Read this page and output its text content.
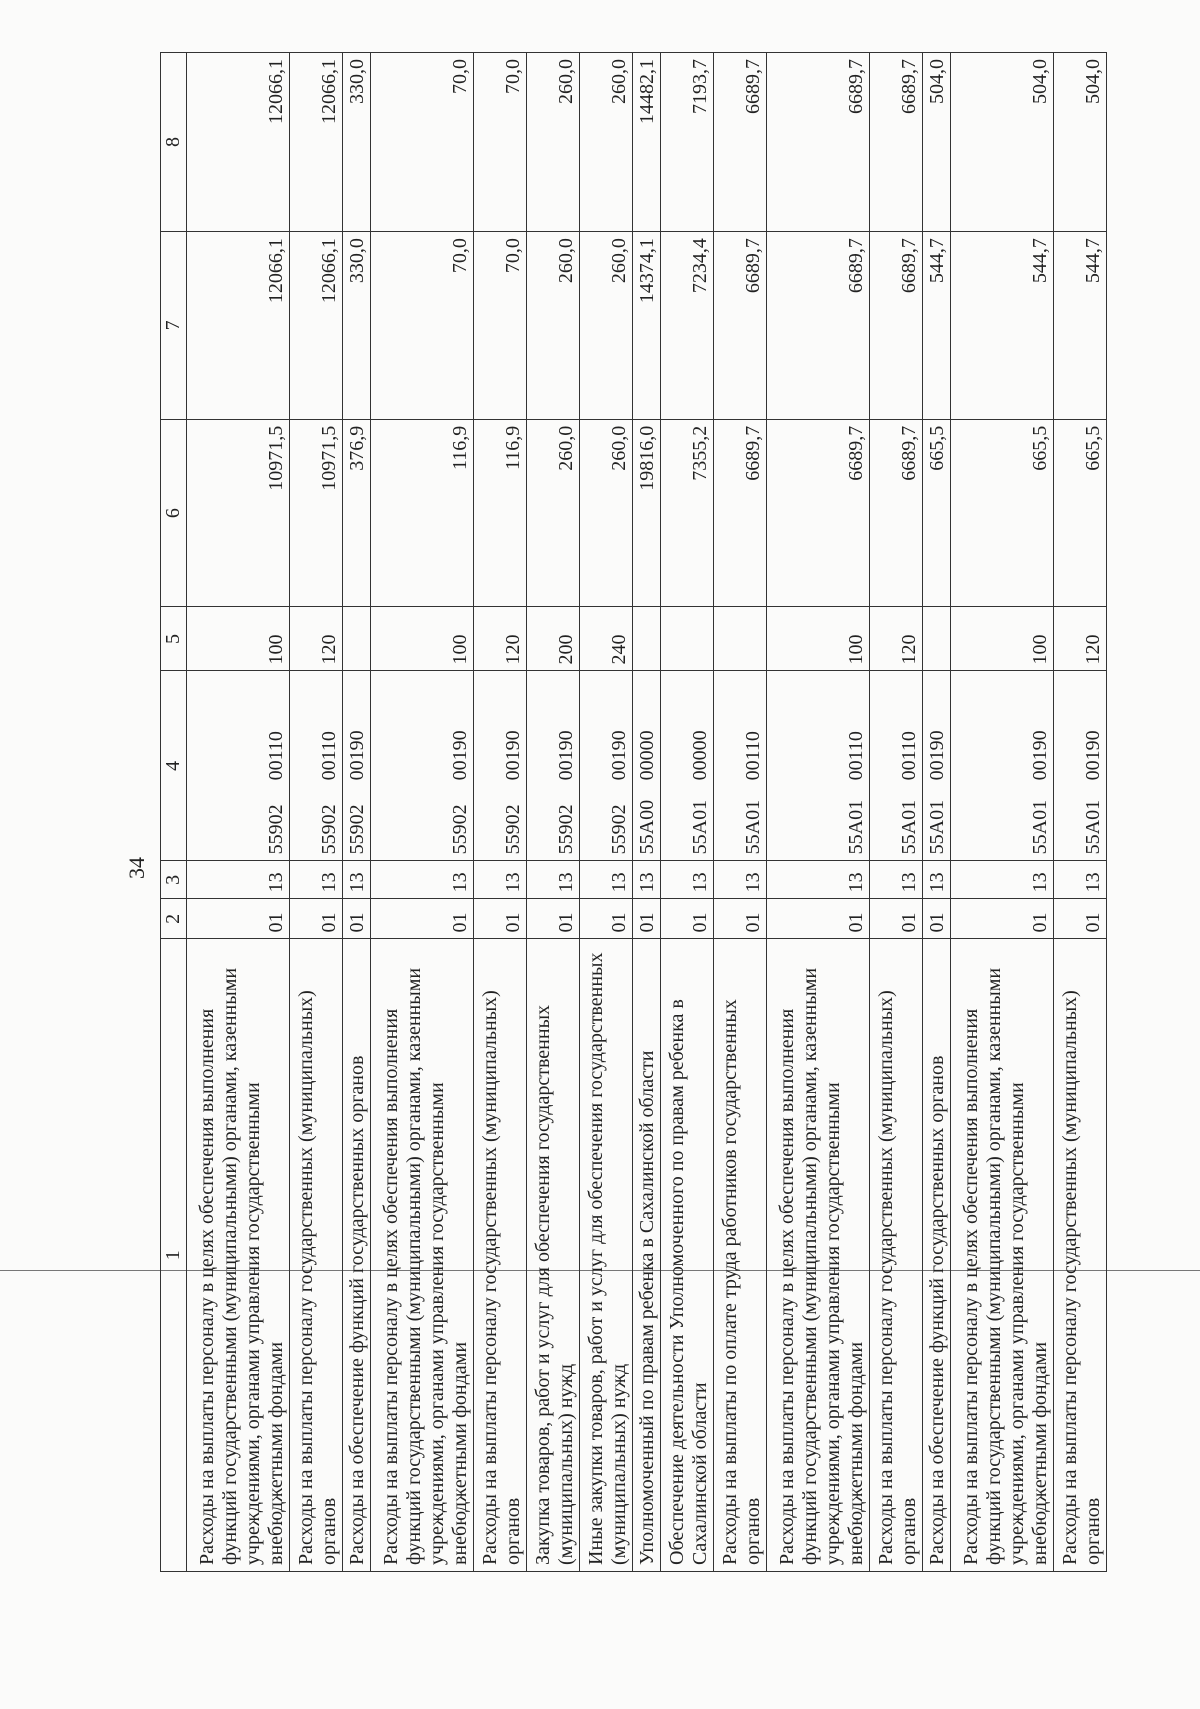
34
1	2	3	4	5	6	7	8
Расходы на выплаты персоналу в целях обеспечения выполнения функций государственными (муниципальными) органами, казенными учреждениями, органами управления государственными внебюджетными фондами	01	13	5590200110	100	10971,5	12066,1	12066,1
Расходы на выплаты персоналу государственных (муниципальных) органов	01	13	5590200110	120	10971,5	12066,1	12066,1
Расходы на обеспечение функций государственных органов	01	13	5590200190		376,9	330,0	330,0
Расходы на выплаты персоналу в целях обеспечения выполнения функций государственными (муниципальными) органами, казенными учреждениями, органами управления государственными внебюджетными фондами	01	13	5590200190	100	116,9	70,0	70,0
Расходы на выплаты персоналу государственных (муниципальных) органов	01	13	5590200190	120	116,9	70,0	70,0
Закупка товаров, работ и услуг для обеспечения государственных (муниципальных) нужд	01	13	5590200190	200	260,0	260,0	260,0
Иные закупки товаров, работ и услуг для обеспечения государственных (муниципальных) нужд	01	13	5590200190	240	260,0	260,0	260,0
Уполномоченный по правам ребенка в Сахалинской области	01	13	55А0000000		19816,0	14374,1	14482,1
Обеспечение деятельности Уполномоченного по правам ребенка в Сахалинской области	01	13	55А0100000		7355,2	7234,4	7193,7
Расходы на выплаты по оплате труда работников государственных органов	01	13	55А0100110		6689,7	6689,7	6689,7
Расходы на выплаты персоналу в целях обеспечения выполнения функций государственными (муниципальными) органами, казенными учреждениями, органами управления государственными внебюджетными фондами	01	13	55А0100110	100	6689,7	6689,7	6689,7
Расходы на выплаты персоналу государственных (муниципальных) органов	01	13	55А0100110	120	6689,7	6689,7	6689,7
Расходы на обеспечение функций государственных органов	01	13	55А0100190		665,5	544,7	504,0
Расходы на выплаты персоналу в целях обеспечения выполнения функций государственными (муниципальными) органами, казенными учреждениями, органами управления государственными внебюджетными фондами	01	13	55А0100190	100	665,5	544,7	504,0
Расходы на выплаты персоналу государственных (муниципальных) органов	01	13	55А0100190	120	665,5	544,7	504,0
